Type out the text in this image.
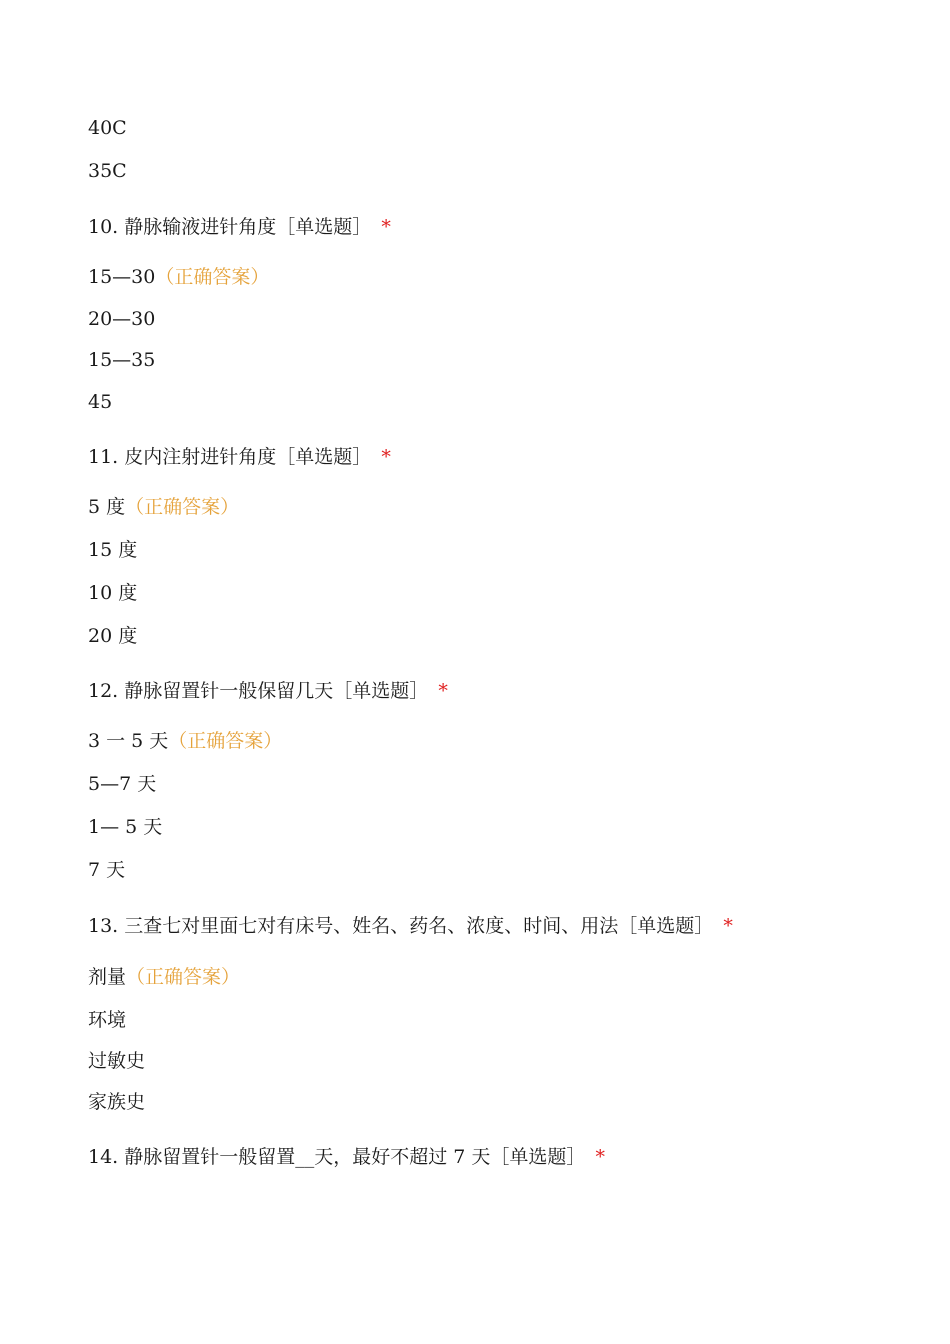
40C
35C
10. 静脉输液进针角度［单选题］ *
15—30（正确答案）
20—30
15—35
45
11. 皮内注射进针角度［单选题］ *
5 度（正确答案）
15 度
10 度
20 度
12. 静脉留置针一般保留几天［单选题］ *
3 一 5 天（正确答案）
5—7 天
1— 5 天
7 天
13. 三查七对里面七对有床号、姓名、药名、浓度、时间、用法［单选题］ *
剂量（正确答案）
环境
过敏史
家族史
14. 静脉留置针一般留置__天，最好不超过 7 天［单选题］ *
